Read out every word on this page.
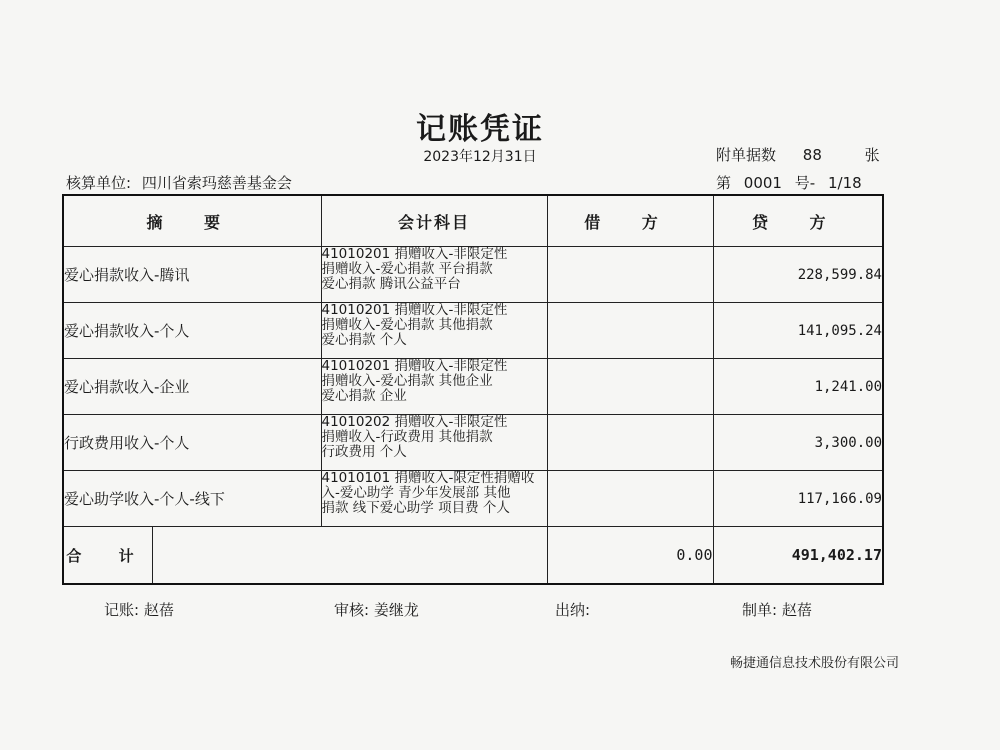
记账凭证
2023年12月31日	附单据数 88	张
核算单位: 四川省索玛慈善基金会	第 0001 号- 1/18
摘 要	会计科目	借 方	贷 方
爱心捐款收入-腾讯	41010201 捐赠收入-非限定性
捐赠收入-爱心捐款 平台捐款
爱心捐款 腾讯公益平台		228,599.84
爱心捐款收入-个人	41010201 捐赠收入-非限定性
捐赠收入-爱心捐款 其他捐款
爱心捐款 个人		141,095.24
爱心捐款收入-企业	41010201 捐赠收入-非限定性
捐赠收入-爱心捐款 其他企业
爱心捐款 企业		1,241.00
行政费用收入-个人	41010202 捐赠收入-非限定性
捐赠收入-行政费用 其他捐款
行政费用 个人		3,300.00
爱心助学收入-个人-线下	41010101 捐赠收入-限定性捐赠收
入-爱心助学 青少年发展部 其他
捐款 线下爱心助学 项目费 个人		117,166.09

合 计		0.00	491,402.17
记账: 赵蓓	审核: 姜继龙	出纳:	制单: 赵蓓
畅捷通信息技术股份有限公司
